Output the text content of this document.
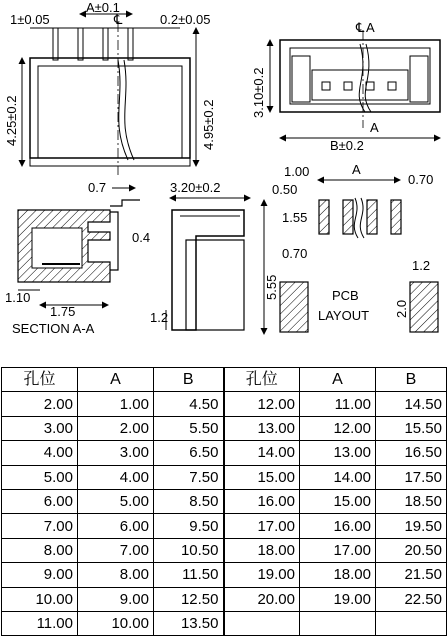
1±0.05
A±0.1
℄	0.2±0.05
4.25±0.2	4.95±0.2
℄ A
3.10±0.2
A
B±0.2
0.7
0.4
1.10
1.75
SECTION A-A
3.20±0.2
1.2
1.00	A
0.50
0.70
1.55
0.70
5.55
1.2
2.0
PCB
LAYOUT
孔位	A	B	孔位	A	B
2.00	1.00	4.50	12.00	11.00	14.50
3.00	2.00	5.50	13.00	12.00	15.50
4.00	3.00	6.50	14.00	13.00	16.50
5.00	4.00	7.50	15.00	14.00	17.50
6.00	5.00	8.50	16.00	15.00	18.50
7.00	6.00	9.50	17.00	16.00	19.50
8.00	7.00	10.50	18.00	17.00	20.50
9.00	8.00	11.50	19.00	18.00	21.50
10.00	9.00	12.50	20.00	19.00	22.50
11.00	10.00	13.50			
